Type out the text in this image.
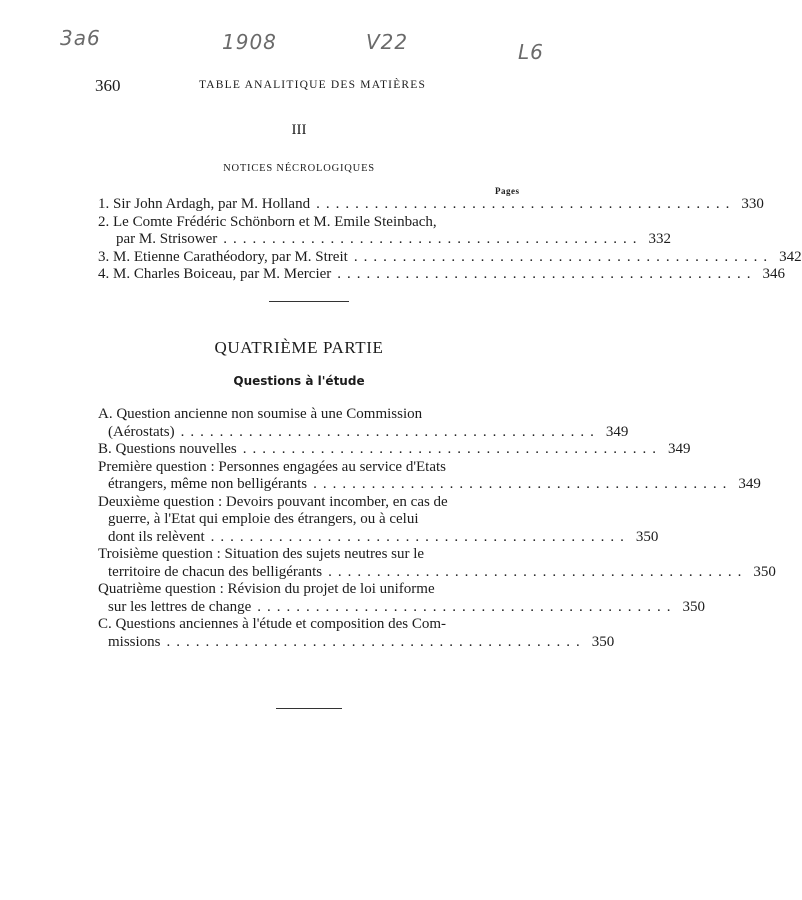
3a6	1908	V22	L6
360	TABLE ANALITIQUE DES MATIÈRES
III
NOTICES NÉCROLOGIQUES
Pages
1. Sir John Ardagh, par M. Holland ........................................... 330
2. Le Comte Frédéric Schönborn et M. Emile Steinbach,
par M. Strisower ........................................... 332
3. M. Etienne Carathéodory, par M. Streit ........................................... 342
4. M. Charles Boiceau, par M. Mercier ........................................... 346
QUATRIÈME PARTIE
Questions à l'étude
A. Question ancienne non soumise à une Commission
(Aérostats) ........................................... 349
B. Questions nouvelles ........................................... 349
Première question : Personnes engagées au service d'Etats
étrangers, même non belligérants ........................................... 349
Deuxième question : Devoirs pouvant incomber, en cas de
guerre, à l'Etat qui emploie des étrangers, ou à celui
dont ils relèvent ........................................... 350
Troisième question : Situation des sujets neutres sur le
territoire de chacun des belligérants ........................................... 350
Quatrième question : Révision du projet de loi uniforme
sur les lettres de change ........................................... 350
C. Questions anciennes à l'étude et composition des Com-
missions ........................................... 350
